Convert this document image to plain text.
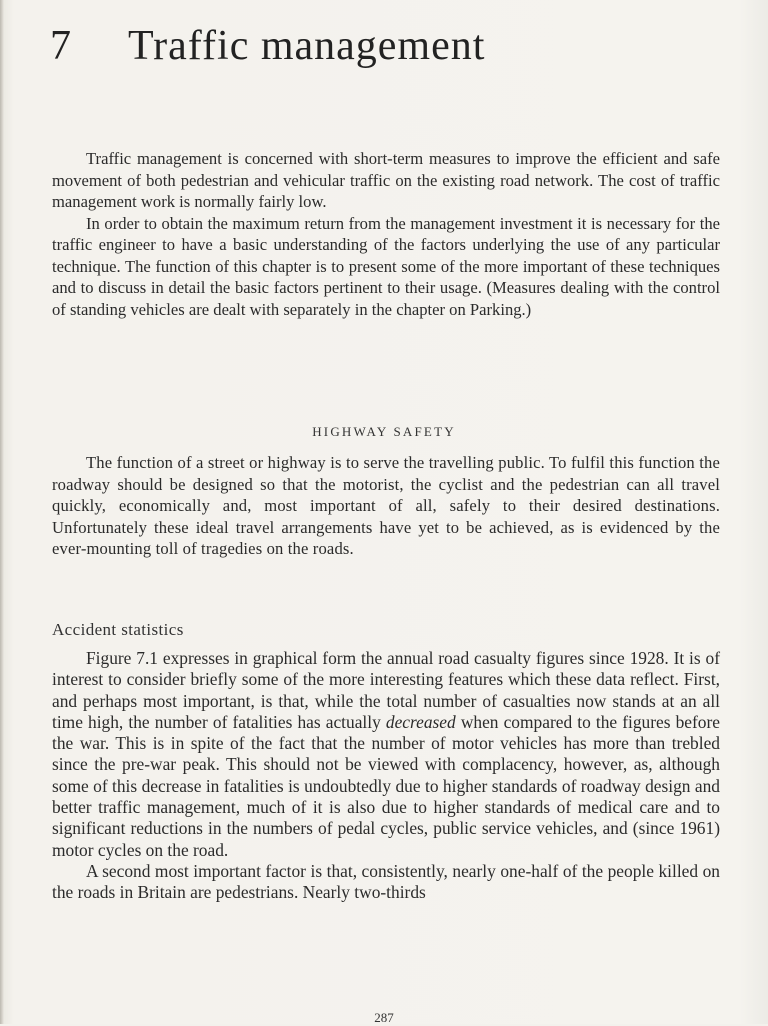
7	Traffic management

Traffic management is concerned with short-term measures to improve the efficient and safe movement of both pedestrian and vehicular traffic on the existing road network. The cost of traffic management work is normally fairly low.

In order to obtain the maximum return from the management investment it is necessary for the traffic engineer to have a basic understanding of the factors underlying the use of any particular technique. The function of this chapter is to present some of the more important of these techniques and to discuss in detail the basic factors pertinent to their usage. (Measures dealing with the control of standing vehicles are dealt with separately in the chapter on Parking.)

HIGHWAY SAFETY

The function of a street or highway is to serve the travelling public. To fulfil this function the roadway should be designed so that the motorist, the cyclist and the pedestrian can all travel quickly, economically and, most important of all, safely to their desired destinations. Unfortunately these ideal travel arrangements have yet to be achieved, as is evidenced by the ever-mounting toll of tragedies on the roads.

Accident statistics

Figure 7.1 expresses in graphical form the annual road casualty figures since 1928. It is of interest to consider briefly some of the more interesting features which these data reflect. First, and perhaps most important, is that, while the total number of casualties now stands at an all time high, the number of fatalities has actually decreased when compared to the figures before the war. This is in spite of the fact that the number of motor vehicles has more than trebled since the pre-war peak. This should not be viewed with complacency, however, as, although some of this decrease in fatalities is undoubtedly due to higher standards of roadway design and better traffic management, much of it is also due to higher standards of medical care and to significant reductions in the numbers of pedal cycles, public service vehicles, and (since 1961) motor cycles on the road.

A second most important factor is that, consistently, nearly one-half of the people killed on the roads in Britain are pedestrians. Nearly two-thirds

287
